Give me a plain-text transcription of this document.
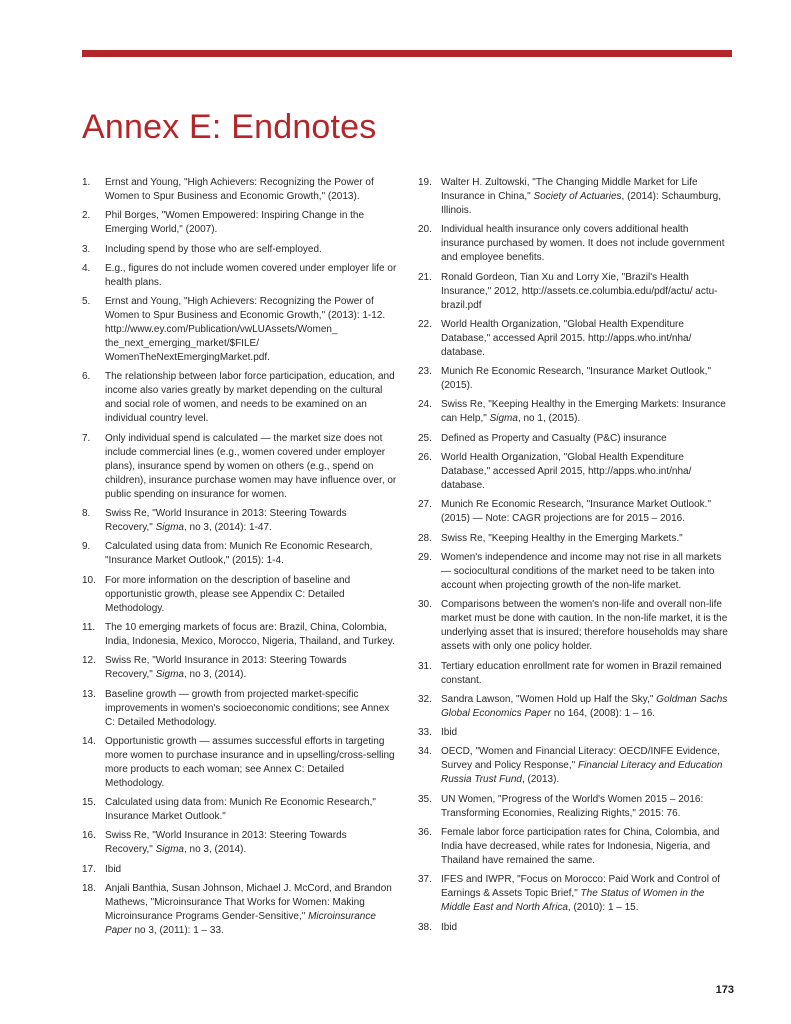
Annex E: Endnotes
1.	Ernst and Young, "High Achievers: Recognizing the Power of Women to Spur Business and Economic Growth," (2013).
2.	Phil Borges, "Women Empowered: Inspiring Change in the Emerging World," (2007).
3.	Including spend by those who are self-employed.
4.	E.g., figures do not include women covered under employer life or health plans.
5.	Ernst and Young, "High Achievers: Recognizing the Power of Women to Spur Business and Economic Growth," (2013): 1-12. http://www.ey.com/Publication/vwLUAssets/Women_ the_next_emerging_market/$FILE/ WomenTheNextEmergingMarket.pdf.
6.	The relationship between labor force participation, education, and income also varies greatly by market depending on the cultural and social role of women, and needs to be examined on an individual country level.
7.	Only individual spend is calculated — the market size does not include commercial lines (e.g., women covered under employer plans), insurance spend by women on others (e.g., spend on children), insurance purchase women may have influence over, or public spending on insurance for women.
8.	Swiss Re, "World Insurance in 2013: Steering Towards Recovery," Sigma, no 3, (2014): 1-47.
9.	Calculated using data from: Munich Re Economic Research, "Insurance Market Outlook," (2015): 1-4.
10. For more information on the description of baseline and opportunistic growth, please see Appendix C: Detailed Methodology.
11. The 10 emerging markets of focus are: Brazil, China, Colombia, India, Indonesia, Mexico, Morocco, Nigeria, Thailand, and Turkey.
12. Swiss Re, "World Insurance in 2013: Steering Towards Recovery," Sigma, no 3, (2014).
13. Baseline growth — growth from projected market-specific improvements in women's socioeconomic conditions; see Annex C: Detailed Methodology.
14. Opportunistic growth — assumes successful efforts in targeting more women to purchase insurance and in upselling/cross-selling more products to each woman; see Annex C: Detailed Methodology.
15. Calculated using data from: Munich Re Economic Research," Insurance Market Outlook."
16. Swiss Re, "World Insurance in 2013: Steering Towards Recovery," Sigma, no 3, (2014).
17. Ibid
18. Anjali Banthia, Susan Johnson, Michael J. McCord, and Brandon Mathews, "Microinsurance That Works for Women: Making Microinsurance Programs Gender-Sensitive," Microinsurance Paper no 3, (2011): 1 – 33.
19. Walter H. Zultowski, "The Changing Middle Market for Life Insurance in China," Society of Actuaries, (2014): Schaumburg, Illinois.
20. Individual health insurance only covers additional health insurance purchased by women. It does not include government and employee benefits.
21. Ronald Gordeon, Tian Xu and Lorry Xie, "Brazil's Health Insurance," 2012, http://assets.ce.columbia.edu/pdf/actu/ actu-brazil.pdf
22. World Health Organization, "Global Health Expenditure Database," accessed April 2015. http://apps.who.int/nha/ database.
23. Munich Re Economic Research, "Insurance Market Outlook," (2015).
24. Swiss Re, "Keeping Healthy in the Emerging Markets: Insurance can Help," Sigma, no 1, (2015).
25. Defined as Property and Casualty (P&C) insurance
26. World Health Organization, "Global Health Expenditure Database," accessed April 2015, http://apps.who.int/nha/ database.
27. Munich Re Economic Research, "Insurance Market Outlook." (2015) — Note: CAGR projections are for 2015 – 2016.
28. Swiss Re, "Keeping Healthy in the Emerging Markets."
29. Women's independence and income may not rise in all markets — sociocultural conditions of the market need to be taken into account when projecting growth of the non-life market.
30. Comparisons between the women's non-life and overall non-life market must be done with caution. In the non-life market, it is the underlying asset that is insured; therefore households may share assets with only one policy holder.
31. Tertiary education enrollment rate for women in Brazil remained constant.
32. Sandra Lawson, "Women Hold up Half the Sky," Goldman Sachs Global Economics Paper no 164, (2008): 1 – 16.
33. Ibid
34. OECD, "Women and Financial Literacy: OECD/INFE Evidence, Survey and Policy Response," Financial Literacy and Education Russia Trust Fund, (2013).
35. UN Women, "Progress of the World's Women 2015 – 2016: Transforming Economies, Realizing Rights," 2015: 76.
36. Female labor force participation rates for China, Colombia, and India have decreased, while rates for Indonesia, Nigeria, and Thailand have remained the same.
37. IFES and IWPR, "Focus on Morocco: Paid Work and Control of Earnings & Assets Topic Brief," The Status of Women in the Middle East and North Africa, (2010): 1 – 15.
38. Ibid
173
